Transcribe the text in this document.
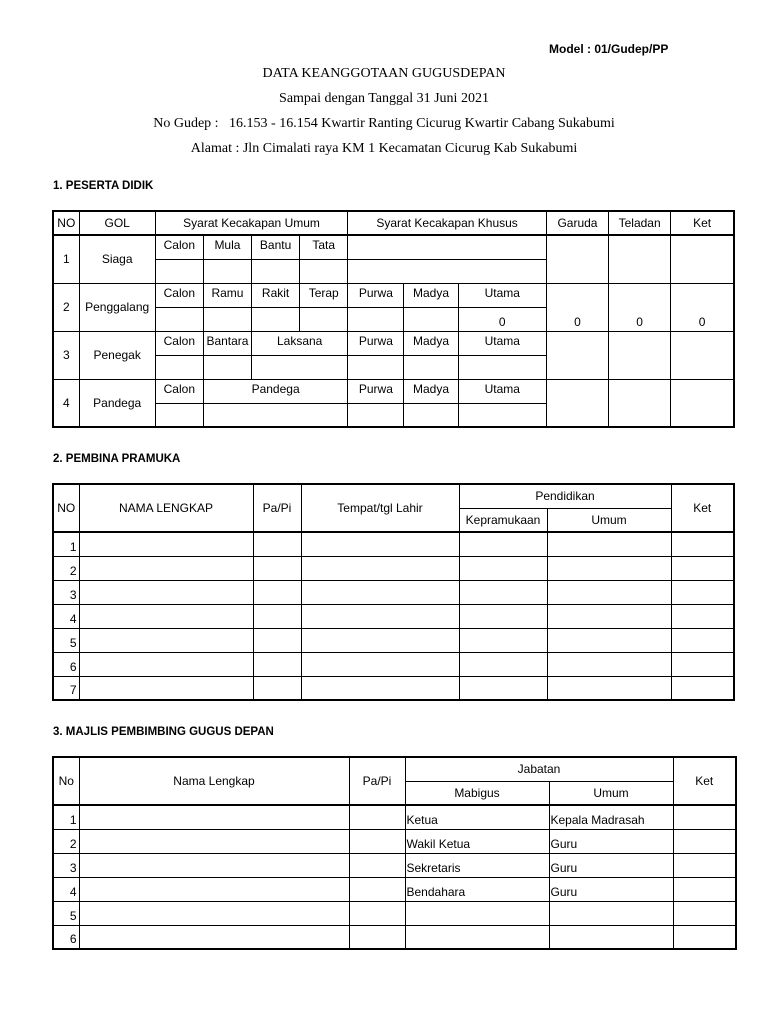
Model : 01/Gudep/PP
DATA KEANGGOTAAN GUGUSDEPAN
Sampai dengan Tanggal 31 Juni 2021
No Gudep :   16.153 - 16.154 Kwartir Ranting Cicurug Kwartir Cabang Sukabumi
Alamat : Jln Cimalati raya KM 1 Kecamatan Cicurug Kab Sukabumi
1. PESERTA DIDIK
NO	GOL	Syarat Kecakapan Umum				Syarat Kecakapan Khusus			Garuda	Teladan	Ket
1	Siaga	Calon	Mula	Bantu	Tata						

2	Penggalang	Calon	Ramu	Rakit	Terap	Purwa	Madya	Utama	0	0	0
								0			
3	Penegak	Calon	Bantara	Laksana		Purwa	Madya	Utama			

4	Pandega	Calon	Pandega			Purwa	Madya	Utama			

2. PEMBINA PRAMUKA
NO	NAMA LENGKAP	Pa/Pi	Tempat/tgl Lahir	Pendidikan		Ket
				Kepramukaan	Umum	
1						
2						
3						
4						
5						
6						
7						
3. MAJLIS PEMBIMBING GUGUS DEPAN
No	Nama Lengkap	Pa/Pi	Jabatan		Ket
			Mabigus	Umum	
1			Ketua	Kepala Madrasah	
2			Wakil Ketua	Guru	
3			Sekretaris	Guru	
4			Bendahara	Guru	
5					
6					
